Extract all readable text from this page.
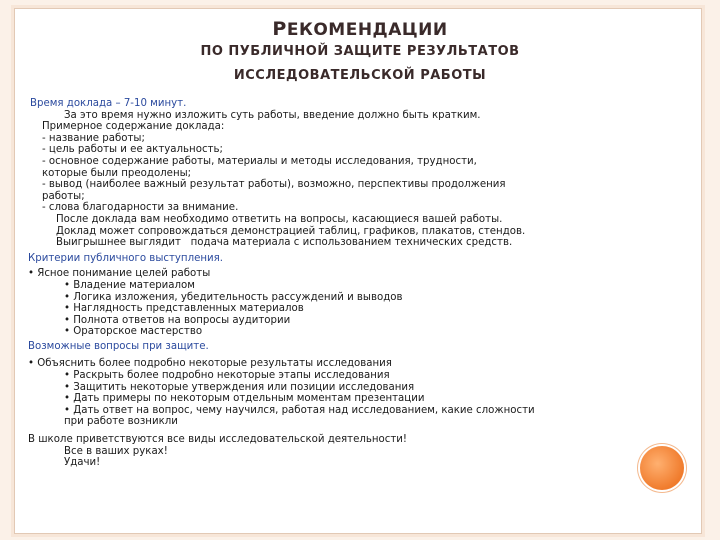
РЕКОМЕНДАЦИИ
ПО ПУБЛИЧНОЙ ЗАЩИТЕ РЕЗУЛЬТАТОВ
ИССЛЕДОВАТЕЛЬСКОЙ РАБОТЫ
Время доклада – 7-10 минут.
За это время нужно изложить суть работы, введение должно быть кратким.
Примерное содержание доклада:
- название работы;
- цель работы и ее актуальность;
- основное содержание работы, материалы и методы исследования, трудности,
которые были преодолены;
- вывод (наиболее важный результат работы), возможно, перспективы продолжения
работы;
- слова благодарности за внимание.
После доклада вам необходимо ответить на вопросы, касающиеся вашей работы.
Доклад может сопровождаться демонстрацией таблиц, графиков, плакатов, стендов.
Выигрышнее выглядит   подача материала с использованием технических средств.
Критерии публичного выступления.
• Ясное понимание целей работы
• Владение материалом
• Логика изложения, убедительность рассуждений и выводов
• Наглядность представленных материалов
• Полнота ответов на вопросы аудитории
• Ораторское мастерство
Возможные вопросы при защите.
• Объяснить более подробно некоторые результаты исследования
• Раскрыть более подробно некоторые этапы исследования
• Защитить некоторые утверждения или позиции исследования
• Дать примеры по некоторым отдельным моментам презентации
• Дать ответ на вопрос, чему научился, работая над исследованием, какие сложности
при работе возникли
В школе приветствуются все виды исследовательской деятельности!
Все в ваших руках!
Удачи!
